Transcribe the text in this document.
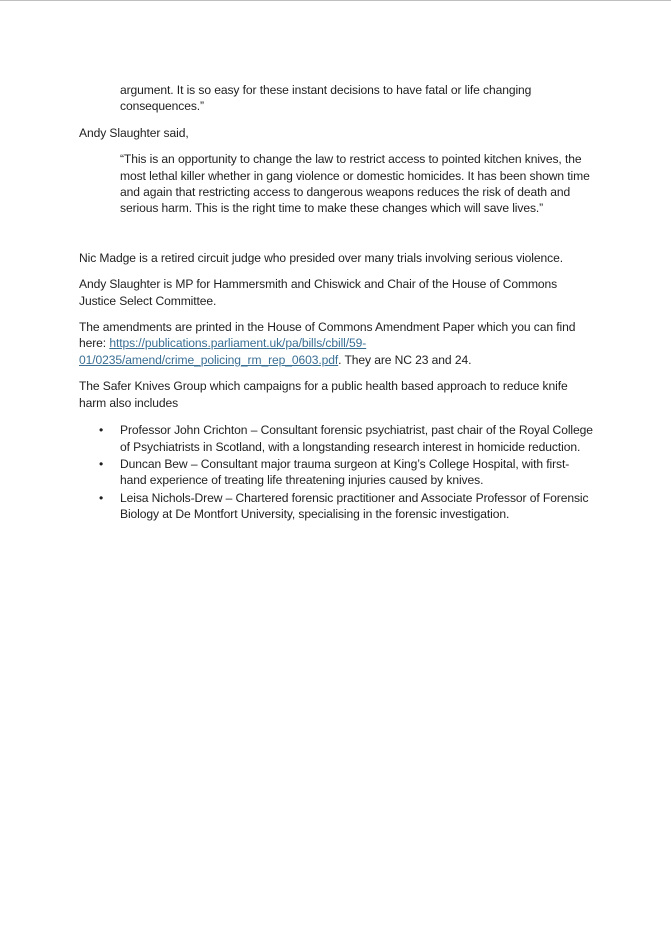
argument. It is so easy for these instant decisions to have fatal or life changing consequences.”

Andy Slaughter said,

“This is an opportunity to change the law to restrict access to pointed kitchen knives, the most lethal killer whether in gang violence or domestic homicides. It has been shown time and again that restricting access to dangerous weapons reduces the risk of death and serious harm. This is the right time to make these changes which will save lives.”

Nic Madge is a retired circuit judge who presided over many trials involving serious violence.

Andy Slaughter is MP for Hammersmith and Chiswick and Chair of the House of Commons Justice Select Committee.

The amendments are printed in the House of Commons Amendment Paper which you can find here: https://publications.parliament.uk/pa/bills/cbill/59-01/0235/amend/crime_policing_rm_rep_0603.pdf. They are NC 23 and 24.

The Safer Knives Group which campaigns for a public health based approach to reduce knife harm also includes

• Professor John Crichton – Consultant forensic psychiatrist, past chair of the Royal College of Psychiatrists in Scotland, with a longstanding research interest in homicide reduction.
• Duncan Bew – Consultant major trauma surgeon at King’s College Hospital, with first-hand experience of treating life threatening injuries caused by knives.
• Leisa Nichols-Drew – Chartered forensic practitioner and Associate Professor of Forensic Biology at De Montfort University, specialising in the forensic investigation.
